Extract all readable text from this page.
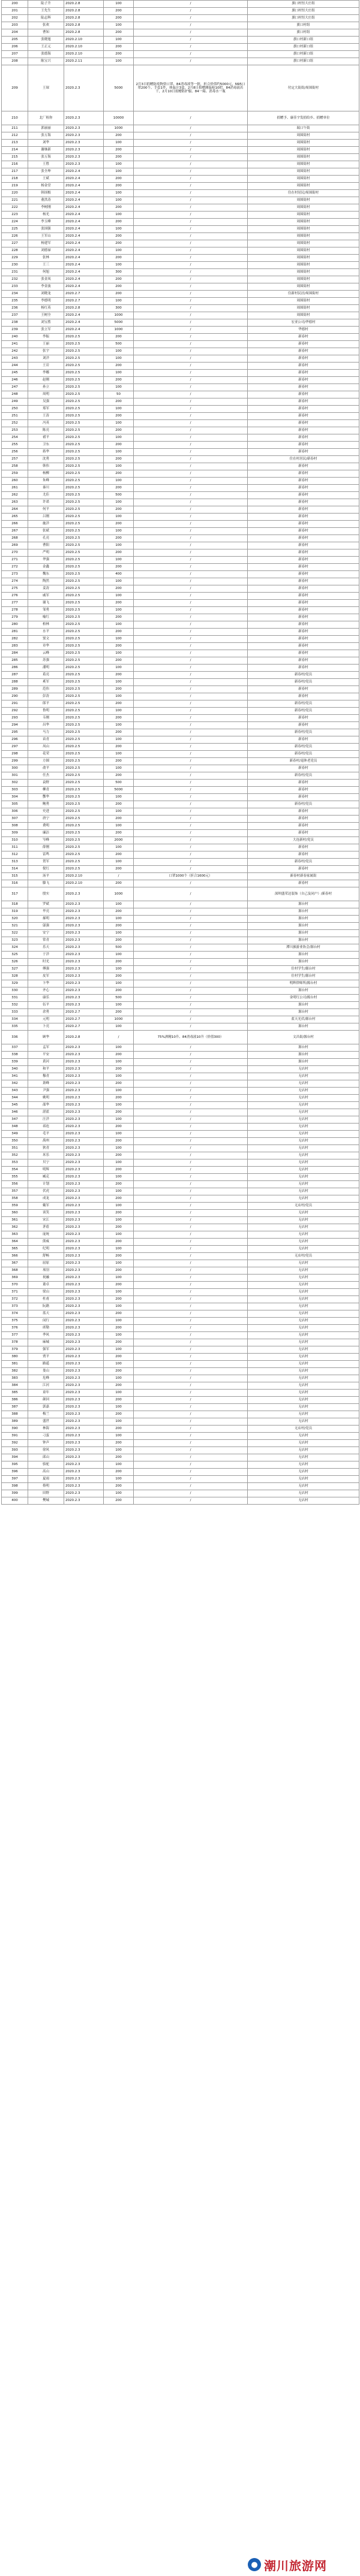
200	陆子升	2020.2.8	100	/	旗口村恒大庄组
201	王先生	2020.2.8	200	/	旗口村恒大庄组
202	陆志辉	2020.2.8	200	/	旗口村恒大庄组
203	张欢	2020.2.8	100	/	旗口村组
204	曹知	2020.2.8	200	/	旗口村组
205	张晓旭	2020.2.10	100	/	旗口村新口组
206	王正元	2020.2.10	200	/	旗口村新口组
207	张德海	2020.2.10	200	/	旗口村新口组
208	陈宝兴	2020.2.11	100	/	旗口村新口组
209	王琛	2020.2.3	5000	2月3日捐赠防疫物资口罩、84消毒液等一批，折合价值约5000元，N95口罩200个、手套1件、体温计3盒，2月8日捐赠测温枪10把、84消毒液若干，2月10日捐赠防护服、84一箱、消毒水一瓶	付定大街街/周围街村
210	北厂租你	2020.2.3	10000	/	捐赠予、康佳宇发捐给乡、捐赠单位
211	郭丽丽	2020.2.3	1000	/	瑞口午街
212	张万海	2020.2.3	200	/	周围街村
213	刘华	2020.2.3	100	/	周围街村
214	谢继新	2020.2.3	200	/	周围街村
215	张万海	2020.2.3	200	/	周围街村
216	王胜	2020.2.3	100	/	周围街村
217	张全坤	2020.2.4	100	/	周围街村
218	王斌	2020.2.4	200	/	周围街村
219	杨金堂	2020.2.4	200	/	周围街村
220	韩国根	2020.2.4	100	/	住在村居民/周围街村
221	董洪涛	2020.2.4	100	/	周围街村
222	李树刚	2020.2.4	200	/	周围街村
223	杨光	2020.2.4	100	/	周围街村
224	李玉峰	2020.2.4	200	/	周围街村
225	张国强	2020.2.4	100	/	周围街村
226	王军山	2020.2.4	200	/	周围街村
227	杨建军	2020.2.4	200	/	周围街村
228	刘德禄	2020.2.4	100	/	周围街村
229	张林	2020.2.4	200	/	周围街村
230	王三	2020.2.4	100	/	周围街村
231	何旭	2020.2.4	300	/	周围街村
232	张金凤	2020.2.4	200	/	周围街村
233	李金波	2020.2.4	200	/	周围街村
234	刘晓龙	2020.2.7	200	/	住新村民居/周围街村
235	李德明	2020.2.7	100	/	周围街村
236	杨红英	2020.2.8	300	/	周围街村
237	王树全	2020.2.4	1000	/	周围街村
238	刘宝胜	2020.2.4	5000	/	宏亚公司/华德村
239	张立军	2020.2.4	1000	/	华德村
240	李振	2020.2.5	200	/	新春村
241	王丽	2020.2.5	500	/	新春村
242	张宇	2020.2.5	100	/	新春村
243	刘洋	2020.2.5	100	/	新春村
244	王岩	2020.2.5	200	/	新春村
245	李娜	2020.2.5	100	/	新春村
246	赵刚	2020.2.5	200	/	新春村
247	孙立	2020.2.5	100	/	新春村
248	周明	2020.2.5	50	/	新春村
249	吴强	2020.2.5	200	/	新春村
250	郑军	2020.2.5	100	/	新春村
251	王涛	2020.2.5	200	/	新春村
252	冯英	2020.2.5	100	/	新春村
253	陈亮	2020.2.5	200	/	新春村
254	褚平	2020.2.5	100	/	新春村
255	卫东	2020.2.5	200	/	新春村
256	蒋华	2020.2.5	100	/	新春村
257	沈勇	2020.2.5	200	/	住在村居民/新春村
258	韩伟	2020.2.5	100	/	新春村
259	杨柳	2020.2.5	200	/	新春村
260	朱峰	2020.2.5	100	/	新春村
261	秦川	2020.2.5	200	/	新春村
262	尤佳	2020.2.5	500	/	新春村
263	许诺	2020.2.5	100	/	新春村
264	何平	2020.2.5	200	/	新春村
265	吕刚	2020.2.5	100	/	新春村
266	施洋	2020.2.5	200	/	新春村
267	张斌	2020.2.5	100	/	新春村
268	孔亮	2020.2.5	200	/	新春村
269	曹阳	2020.2.5	100	/	新春村
270	严明	2020.2.5	200	/	新春村
271	华强	2020.2.5	100	/	新春村
272	金鑫	2020.2.5	200	/	新春村
273	魏东	2020.2.5	400	/	新春村
274	陶然	2020.2.5	100	/	新春村
275	姜涛	2020.2.5	200	/	新春村
276	戚军	2020.2.5	100	/	新春村
277	谢飞	2020.2.5	200	/	新春村
278	邹勇	2020.2.5	100	/	新春村
279	喻红	2020.2.5	200	/	新春村
280	柏林	2020.2.5	100	/	新春村
281	水平	2020.2.5	200	/	新春村
282	窦文	2020.2.5	100	/	新春村
283	章华	2020.2.5	200	/	新春村
284	云峰	2020.2.5	100	/	新春村
285	苏强	2020.2.5	200	/	新春村
286	潘明	2020.2.5	100	/	新春村
287	葛亮	2020.2.5	200	/	新春村/党员
288	奚军	2020.2.5	100	/	新春村/党员
289	范伟	2020.2.5	200	/	新春村
290	彭涛	2020.2.5	100	/	新春村
291	郎平	2020.2.5	200	/	新春村/党员
292	鲁明	2020.2.5	100	/	新春村/党员
293	韦刚	2020.2.5	200	/	新春村
294	昌华	2020.2.5	100	/	新春村
295	马力	2020.2.5	200	/	新春村/党员
296	苗青	2020.2.5	100	/	新春村
297	凤山	2020.2.5	200	/	新春村/党员
298	花荣	2020.2.5	100	/	新春村/党员
299	方圆	2020.2.5	200	/	新春村/退休老党员
300	俞平	2020.2.5	100	/	新春村
301	任杰	2020.2.5	200	/	新春村/党员
302	袁野	2020.2.5	500	/	新春村
303	柳青	2020.2.5	5000	/	新春村
304	酆华	2020.2.5	100	/	新春村
305	鲍勇	2020.2.5	200	/	新春村/党员
306	史进	2020.2.5	100	/	新春村
307	唐宁	2020.2.5	200	/	新春村
308	费明	2020.2.5	100	/	新春村
309	廉洁	2020.2.5	200	/	新春村
310	岑峰	2020.2.5	2000	/	大连新村/党员
311	薛刚	2020.2.5	100	/	新春村
312	雷鸣	2020.2.5	200	/	新春村
313	贺军	2020.2.5	100	/	新春村/党员
314	倪红	2020.2.5	200	/	新春村
315	汤平	2020.2.10	/	口罩1000个（折合1600元）	新春村新春家属街
316	滕飞	2020.2.10	200	/	新春村
317	殷实	2020.2.3	1000	/	深圳盛荣达装饰（自己及同户）/新春村
318	罗斌	2020.2.3	100	/	源台村
319	毕亮	2020.2.3	200	/	源台村
320	郝明	2020.2.3	100	/	源台村
321	邬强	2020.2.3	200	/	源台村
322	安宁	2020.2.3	100	/	源台村
323	常青	2020.2.3	200	/	源台村
324	乐天	2020.2.3	500	/	潭川旅游业协会/源台村
325	于洋	2020.2.3	100	/	源台村
326	时光	2020.2.3	200	/	源台村
327	傅强	2020.2.3	100	/	住村学生/源台村
328	皮军	2020.2.3	200	/	住村学生/源台村
329	卞华	2020.2.3	100	/	明辉律师所/源台村
330	齐心	2020.2.3	200	/	源台村
331	康乐	2020.2.3	500	/	金明红公司/源台村
332	伍平	2020.2.3	100	/	源台村
333	余勇	2020.2.7	200	/	源台村
334	元明	2020.2.7	1000	/	蓝天光伏/源台村
335	卜亮	2020.2.7	100	/	源台村
336	顾华	2020.2.8	/	75%酒精10升、84消毒液10升（价值300）	文昌街/源台村
337	孟军	2020.2.3	100	/	源台村
338	平安	2020.2.3	200	/	源台村
339	黄河	2020.2.3	100	/	源台村
340	和平	2020.2.3	200	/	无店村
341	穆青	2020.2.3	100	/	无店村
342	萧峰	2020.2.3	200	/	无店村
343	尹强	2020.2.3	100	/	无店村
344	姚明	2020.2.3	200	/	无店村
345	邵华	2020.2.3	100	/	无店村
346	湛蓝	2020.2.3	200	/	无店村
347	汪洋	2020.2.3	100	/	无店村
348	祁连	2020.2.3	200	/	无店村
349	毛平	2020.2.3	100	/	无店村
350	禹州	2020.2.3	200	/	无店村
351	狄青	2020.2.3	100	/	无店村
352	米乐	2020.2.3	200	/	无店村
353	贝宁	2020.2.3	100	/	无店村
354	明辉	2020.2.3	200	/	无店村
355	臧克	2020.2.3	100	/	无店村
356	计划	2020.2.3	200	/	无店村
357	伏虎	2020.2.3	100	/	无店村
358	成龙	2020.2.3	200	/	无店村
359	戴军	2020.2.3	100	/	无店村/党员
360	谈笑	2020.2.3	200	/	无店村
361	宋江	2020.2.3	100	/	无店村
362	茅盾	2020.2.3	200	/	无店村
363	庞统	2020.2.3	100	/	无店村
364	熊威	2020.2.3	200	/	无店村
365	纪明	2020.2.3	100	/	无店村
366	舒畅	2020.2.3	200	/	无店村/党员
367	屈原	2020.2.3	100	/	无店村
368	项羽	2020.2.3	200	/	无店村
369	祝融	2020.2.3	100	/	无店村
370	董卓	2020.2.3	200	/	无店村
371	梁山	2020.2.3	100	/	无店村
372	杜甫	2020.2.3	200	/	无店村
373	阮籍	2020.2.3	100	/	无店村
374	蓝天	2020.2.3	200	/	无店村
375	闵行	2020.2.3	100	/	无店村
376	席勒	2020.2.3	200	/	无店村
377	季风	2020.2.3	100	/	无店村
378	麻城	2020.2.3	200	/	无店村
379	强军	2020.2.3	100	/	无店村
380	贾平	2020.2.3	200	/	无店村
381	路遥	2020.2.3	100	/	无店村
382	娄山	2020.2.3	200	/	无店村
383	危峰	2020.2.3	100	/	无店村
384	江河	2020.2.3	200	/	无店村
385	童年	2020.2.3	100	/	无店村
386	颜回	2020.2.3	200	/	无店村
387	郭嘉	2020.2.3	100	/	无店村
388	梅兰	2020.2.3	200	/	无店村
389	盛世	2020.2.3	100	/	无店村
390	林海	2020.2.3	200	/	无店村/党员
391	刁蛮	2020.2.3	100	/	无店村
392	钟声	2020.2.3	200	/	无店村
393	徐风	2020.2.3	100	/	无店村
394	邱山	2020.2.3	200	/	无店村
395	骆驼	2020.2.3	100	/	无店村
396	高山	2020.2.3	200	/	无店村
397	夏雨	2020.2.3	100	/	无店村
398	蔡明	2020.2.3	200	/	无店村
399	田野	2020.2.3	100	/	无店村
400	樊城	2020.2.3	200	/	无店村
● 潮川旅游网
